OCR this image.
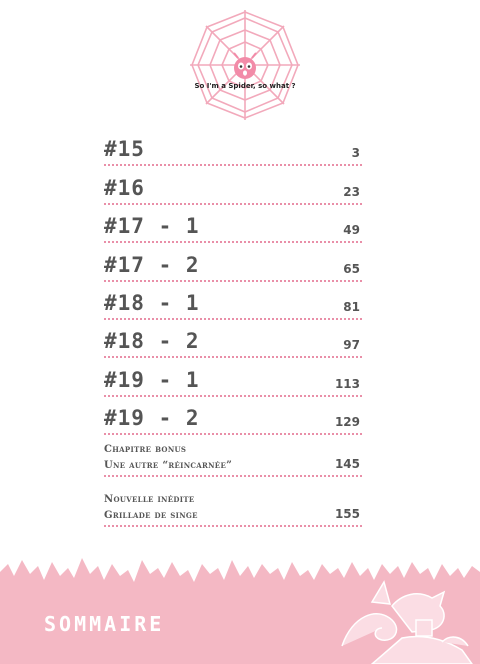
So I'm a Spider, so what ?
#15	3
#16	23
#17 - 1	49
#17 - 2	65
#18 - 1	81
#18 - 2	97
#19 - 1	113
#19 - 2	129
Chapitre bonus
Une autre “réincarnée”	145
Nouvelle inédite
Grillade de singe	155
SOMMAIRE
